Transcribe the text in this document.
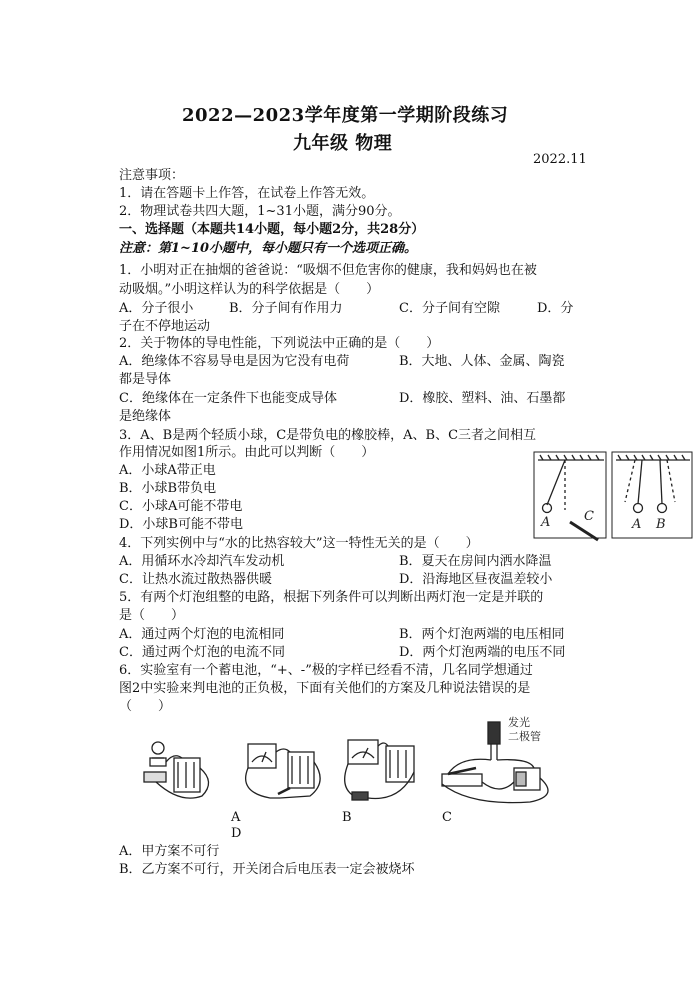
2022—2023学年度第一学期阶段练习
九年级 物理
2022.11
注意事项：
1．请在答题卡上作答，在试卷上作答无效。
2．物理试卷共四大题，1~31小题，满分90分。
一、选择题（本题共14小题，每小题2分，共28分）
注意：第1~10小题中，每小题只有一个选项正确。
1．小明对正在抽烟的爸爸说：“吸烟不但危害你的健康，我和妈妈也在被
动吸烟。”小明这样认为的科学依据是（　　）
A．分子很小	B．分子间有作用力	C．分子间有空隙	D．分
子在不停地运动
2．关于物体的导电性能，下列说法中正确的是（　　）
A．绝缘体不容易导电是因为它没有电荷	B．大地、人体、金属、陶瓷
都是导体
C．绝缘体在一定条件下也能变成导体	D．橡胶、塑料、油、石墨都
是绝缘体
3．A、B是两个轻质小球，C是带负电的橡胶棒，A、B、C三者之间相互
作用情况如图1所示。由此可以判断（　　）
A．小球A带正电
B．小球B带负电
C．小球A可能不带电
D．小球B可能不带电	A	C
A B
4．下列实例中与“水的比热容较大”这一特性无关的是（　　）
A．用循环水冷却汽车发动机	B．夏天在房间内洒水降温
C．让热水流过散热器供暖	D．沿海地区昼夜温差较小
5．有两个灯泡组整的电路，根据下列条件可以判断出两灯泡一定是并联的
是（　　）
A．通过两个灯泡的电流相同	B．两个灯泡两端的电压相同
C．通过两个灯泡的电流不同	D．两个灯泡两端的电压不同
6．实验室有一个蓄电池，“+、-”极的字样已经看不清，几名同学想通过
图2中实验来判电池的正负极，下面有关他们的方案及几种说法错误的是
（　　）
发光
二极管
A	B	C
D
A．甲方案不可行
B．乙方案不可行，开关闭合后电压表一定会被烧坏
